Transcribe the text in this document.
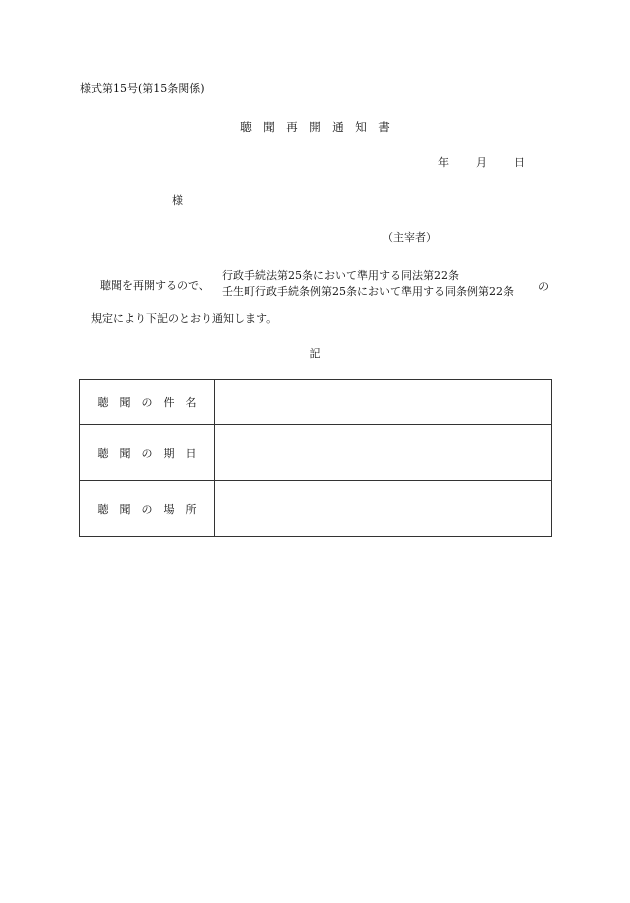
様式第15号(第15条関係)
聴　聞　再　開　通　知　書
年	月	日
様
（主宰者）
聴聞を再開するので、
行政手続法第25条において準用する同法第22条
壬生町行政手続条例第25条において準用する同条例第22条 の
規定により下記のとおり通知します。
記
聴　聞　の　件　名	
聴　聞　の　期　日	
聴　聞　の　場　所	
